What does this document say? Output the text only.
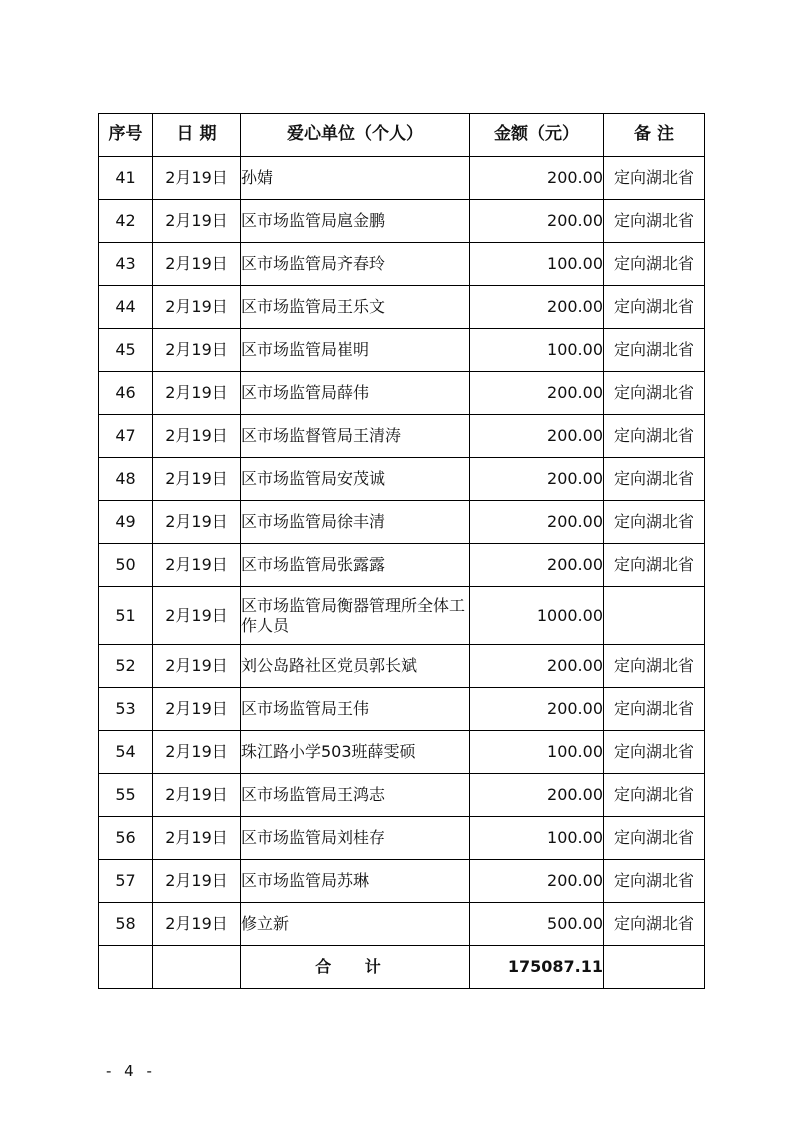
序号	日 期	爱心单位（个人）	金额（元）	备 注
41	2月19日	孙婧	200.00	定向湖北省
42	2月19日	区市场监管局扈金鹏	200.00	定向湖北省
43	2月19日	区市场监管局齐春玲	100.00	定向湖北省
44	2月19日	区市场监管局王乐文	200.00	定向湖北省
45	2月19日	区市场监管局崔明	100.00	定向湖北省
46	2月19日	区市场监管局薛伟	200.00	定向湖北省
47	2月19日	区市场监督管局王清涛	200.00	定向湖北省
48	2月19日	区市场监管局安茂诚	200.00	定向湖北省
49	2月19日	区市场监管局徐丰清	200.00	定向湖北省
50	2月19日	区市场监管局张露露	200.00	定向湖北省
51	2月19日	区市场监管局衡器管理所全体工作人员	1000.00	
52	2月19日	刘公岛路社区党员郭长斌	200.00	定向湖北省
53	2月19日	区市场监管局王伟	200.00	定向湖北省
54	2月19日	珠江路小学503班薛雯硕	100.00	定向湖北省
55	2月19日	区市场监管局王鸿志	200.00	定向湖北省
56	2月19日	区市场监管局刘桂存	100.00	定向湖北省
57	2月19日	区市场监管局苏琳	200.00	定向湖北省
58	2月19日	修立新	500.00	定向湖北省
		合 计	175087.11	
- 4 -
